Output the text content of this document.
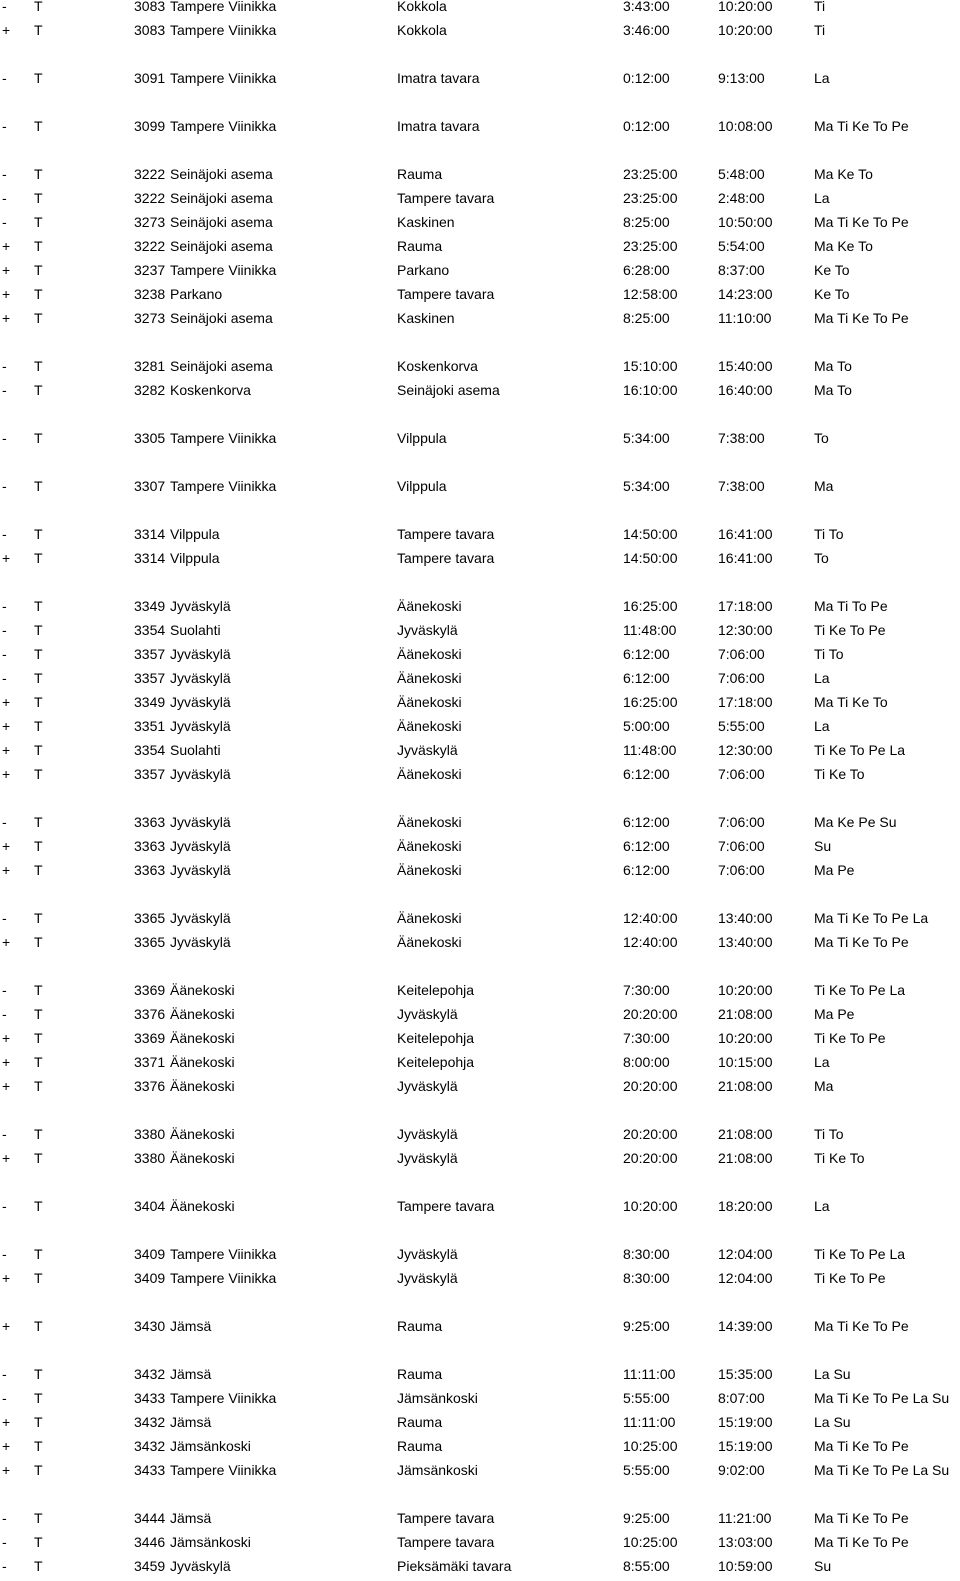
- T	3083 Tampere Viinikka	Kokkola	3:43:00	10:20:00	Ti
+ T	3083 Tampere Viinikka	Kokkola	3:46:00	10:20:00	Ti
- T	3091 Tampere Viinikka	Imatra tavara	0:12:00	9:13:00	La
- T	3099 Tampere Viinikka	Imatra tavara	0:12:00	10:08:00	Ma Ti Ke To Pe
- T	3222 Seinäjoki asema	Rauma	23:25:00	5:48:00	Ma Ke To
- T	3222 Seinäjoki asema	Tampere tavara	23:25:00	2:48:00	La
- T	3273 Seinäjoki asema	Kaskinen	8:25:00	10:50:00	Ma Ti Ke To Pe
+ T	3222 Seinäjoki asema	Rauma	23:25:00	5:54:00	Ma Ke To
+ T	3237 Tampere Viinikka	Parkano	6:28:00	8:37:00	Ke To
+ T	3238 Parkano	Tampere tavara	12:58:00	14:23:00	Ke To
+ T	3273 Seinäjoki asema	Kaskinen	8:25:00	11:10:00	Ma Ti Ke To Pe
- T	3281 Seinäjoki asema	Koskenkorva	15:10:00	15:40:00	Ma To
- T	3282 Koskenkorva	Seinäjoki asema	16:10:00	16:40:00	Ma To
- T	3305 Tampere Viinikka	Vilppula	5:34:00	7:38:00	To
- T	3307 Tampere Viinikka	Vilppula	5:34:00	7:38:00	Ma
- T	3314 Vilppula	Tampere tavara	14:50:00	16:41:00	Ti To
+ T	3314 Vilppula	Tampere tavara	14:50:00	16:41:00	To
- T	3349 Jyväskylä	Äänekoski	16:25:00	17:18:00	Ma Ti To Pe
- T	3354 Suolahti	Jyväskylä	11:48:00	12:30:00	Ti Ke To Pe
- T	3357 Jyväskylä	Äänekoski	6:12:00	7:06:00	Ti To
- T	3357 Jyväskylä	Äänekoski	6:12:00	7:06:00	La
+ T	3349 Jyväskylä	Äänekoski	16:25:00	17:18:00	Ma Ti Ke To
+ T	3351 Jyväskylä	Äänekoski	5:00:00	5:55:00	La
+ T	3354 Suolahti	Jyväskylä	11:48:00	12:30:00	Ti Ke To Pe La
+ T	3357 Jyväskylä	Äänekoski	6:12:00	7:06:00	Ti Ke To
- T	3363 Jyväskylä	Äänekoski	6:12:00	7:06:00	Ma Ke Pe Su
+ T	3363 Jyväskylä	Äänekoski	6:12:00	7:06:00	Su
+ T	3363 Jyväskylä	Äänekoski	6:12:00	7:06:00	Ma Pe
- T	3365 Jyväskylä	Äänekoski	12:40:00	13:40:00	Ma Ti Ke To Pe La
+ T	3365 Jyväskylä	Äänekoski	12:40:00	13:40:00	Ma Ti Ke To Pe
- T	3369 Äänekoski	Keitelepohja	7:30:00	10:20:00	Ti Ke To Pe La
- T	3376 Äänekoski	Jyväskylä	20:20:00	21:08:00	Ma Pe
+ T	3369 Äänekoski	Keitelepohja	7:30:00	10:20:00	Ti Ke To Pe
+ T	3371 Äänekoski	Keitelepohja	8:00:00	10:15:00	La
+ T	3376 Äänekoski	Jyväskylä	20:20:00	21:08:00	Ma
- T	3380 Äänekoski	Jyväskylä	20:20:00	21:08:00	Ti To
+ T	3380 Äänekoski	Jyväskylä	20:20:00	21:08:00	Ti Ke To
- T	3404 Äänekoski	Tampere tavara	10:20:00	18:20:00	La
- T	3409 Tampere Viinikka	Jyväskylä	8:30:00	12:04:00	Ti Ke To Pe La
+ T	3409 Tampere Viinikka	Jyväskylä	8:30:00	12:04:00	Ti Ke To Pe
+ T	3430 Jämsä	Rauma	9:25:00	14:39:00	Ma Ti Ke To Pe
- T	3432 Jämsä	Rauma	11:11:00	15:35:00	La Su
- T	3433 Tampere Viinikka	Jämsänkoski	5:55:00	8:07:00	Ma Ti Ke To Pe La Su
+ T	3432 Jämsä	Rauma	11:11:00	15:19:00	La Su
+ T	3432 Jämsänkoski	Rauma	10:25:00	15:19:00	Ma Ti Ke To Pe
+ T	3433 Tampere Viinikka	Jämsänkoski	5:55:00	9:02:00	Ma Ti Ke To Pe La Su
- T	3444 Jämsä	Tampere tavara	9:25:00	11:21:00	Ma Ti Ke To Pe
- T	3446 Jämsänkoski	Tampere tavara	10:25:00	13:03:00	Ma Ti Ke To Pe
- T	3459 Jyväskylä	Pieksämäki tavara	8:55:00	10:59:00	Su
